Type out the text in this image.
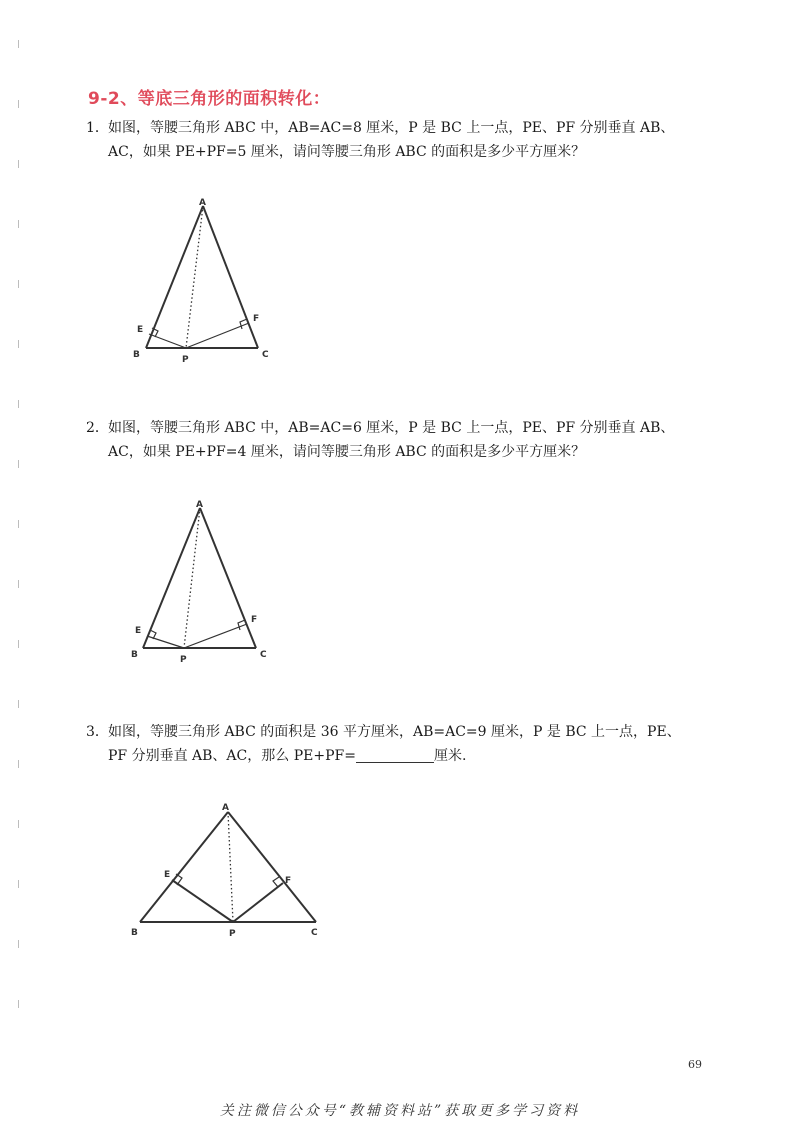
9-2、等底三角形的面积转化：
1．如图，等腰三角形 ABC 中，AB=AC=8 厘米，P 是 BC 上一点，PE、PF 分别垂直 AB、
AC，如果 PE+PF=5 厘米，请问等腰三角形 ABC 的面积是多少平方厘米？
A
B	C
E
F
P
2．如图，等腰三角形 ABC 中，AB=AC=6 厘米，P 是 BC 上一点，PE、PF 分别垂直 AB、
AC，如果 PE+PF=4 厘米，请问等腰三角形 ABC 的面积是多少平方厘米？
A
B	C
E
F
P
3．如图，等腰三角形 ABC 的面积是 36 平方厘米，AB=AC=9 厘米，P 是 BC 上一点，PE、
PF 分别垂直 AB、AC，那么 PE+PF=	厘米.
A
B	C
E
F
P
69
关注微信公众号“教辅资料站”获取更多学习资料
